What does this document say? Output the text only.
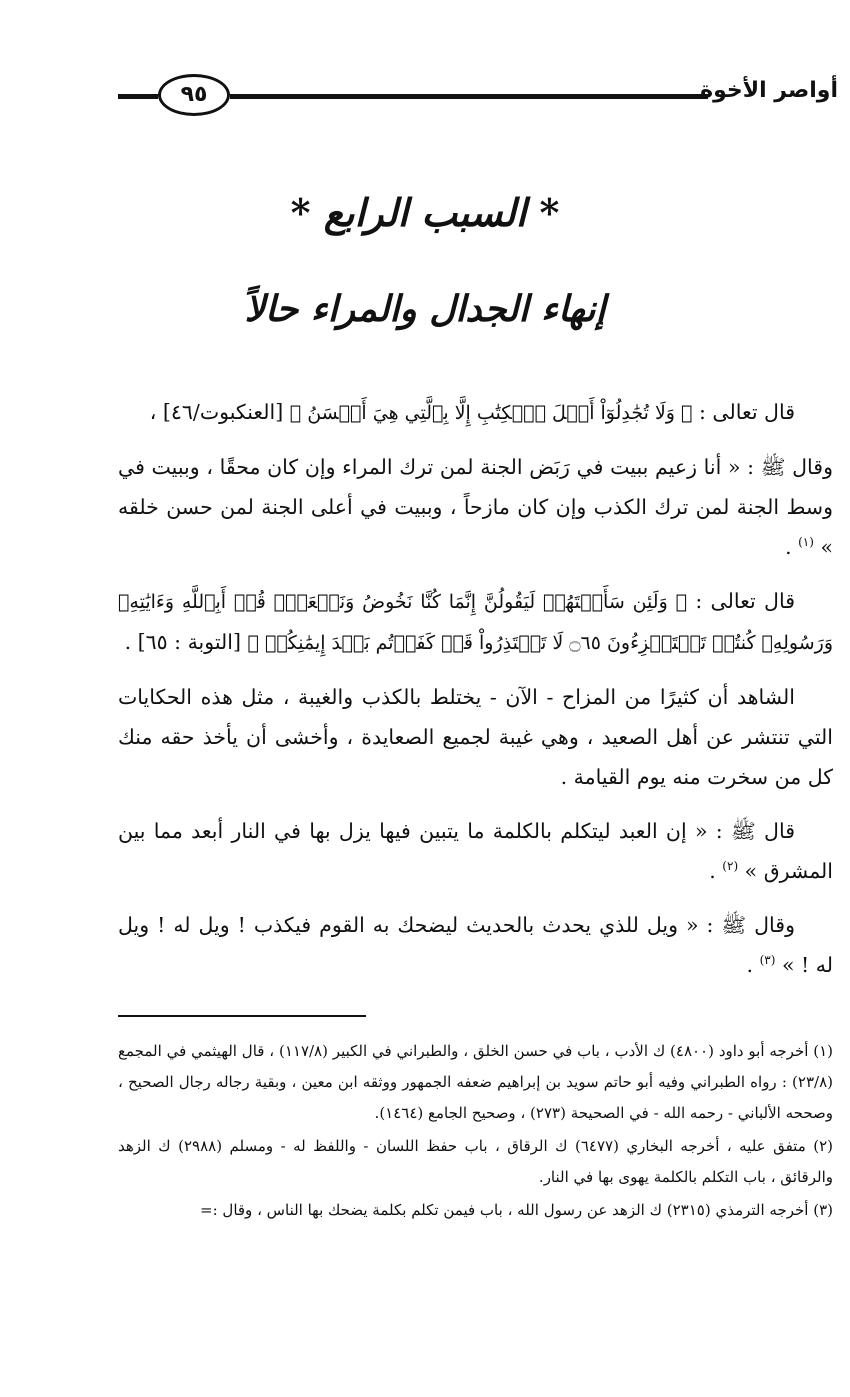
٩٥	أواصر الأخوة
* السبب الرابع *
إنهاء الجدال والمراء حالاً

قال تعالى : ﴿ وَلَا تُجَٰدِلُوٓاْ أَهۡلَ ٱلۡكِتَٰبِ إِلَّا بِٱلَّتِي هِيَ أَحۡسَنُ ﴾ [العنكبوت/٤٦] ،

وقال ﷺ : « أنا زعيم ببيت في رَبَض الجنة لمن ترك المراء وإن كان محقًا ، وببيت في وسط الجنة لمن ترك الكذب وإن كان مازحاً ، وببيت في أعلى الجنة لمن حسن خلقه » $^{(١)}$ .

قال تعالى : ﴿ وَلَئِن سَأَلۡتَهُمۡ لَيَقُولُنَّ إِنَّمَا كُنَّا نَخُوضُ وَنَلۡعَبُۚ قُلۡ أَبِٱللَّهِ وَءَايَٰتِهِۦ وَرَسُولِهِۦ كُنتُمۡ تَسۡتَهۡزِءُونَ ۝٦٥ لَا تَعۡتَذِرُواْ قَدۡ كَفَرۡتُم بَعۡدَ إِيمَٰنِكُمۡ ﴾ [التوبة : ٦٥] .

الشاهد أن كثيرًا من المزاح - الآن - يختلط بالكذب والغيبة ، مثل هذه الحكايات التي تنتشر عن أهل الصعيد ، وهي غيبة لجميع الصعايدة ، وأخشى أن يأخذ حقه منك كل من سخرت منه يوم القيامة .

قال ﷺ : « إن العبد ليتكلم بالكلمة ما يتبين فيها يزل بها في النار أبعد مما بين المشرق » $^{(٢)}$ .

وقال ﷺ : « ويل للذي يحدث بالحديث ليضحك به القوم فيكذب ! ويل له ! ويل له ! » $^{(٣)}$ .

(١) أخرجه أبو داود (٤٨٠٠) ك الأدب ، باب في حسن الخلق ، والطبراني في الكبير (١١٧/٨) ، قال الهيثمي في المجمع (٢٣/٨) : رواه الطبراني وفيه أبو حاتم سويد بن إبراهيم ضعفه الجمهور ووثقه ابن معين ، وبقية رجاله رجال الصحيح ، وصححه الألباني - رحمه الله - في الصحيحة (٢٧٣) ، وصحيح الجامع (١٤٦٤).

(٢) متفق عليه ، أخرجه البخاري (٦٤٧٧) ك الرقاق ، باب حفظ اللسان - واللفظ له - ومسلم (٢٩٨٨) ك الزهد والرقائق ، باب التكلم بالكلمة يهوى بها في النار.

(٣) أخرجه الترمذي (٢٣١٥) ك الزهد عن رسول الله ، باب فيمن تكلم بكلمة يضحك بها الناس ، وقال :=
